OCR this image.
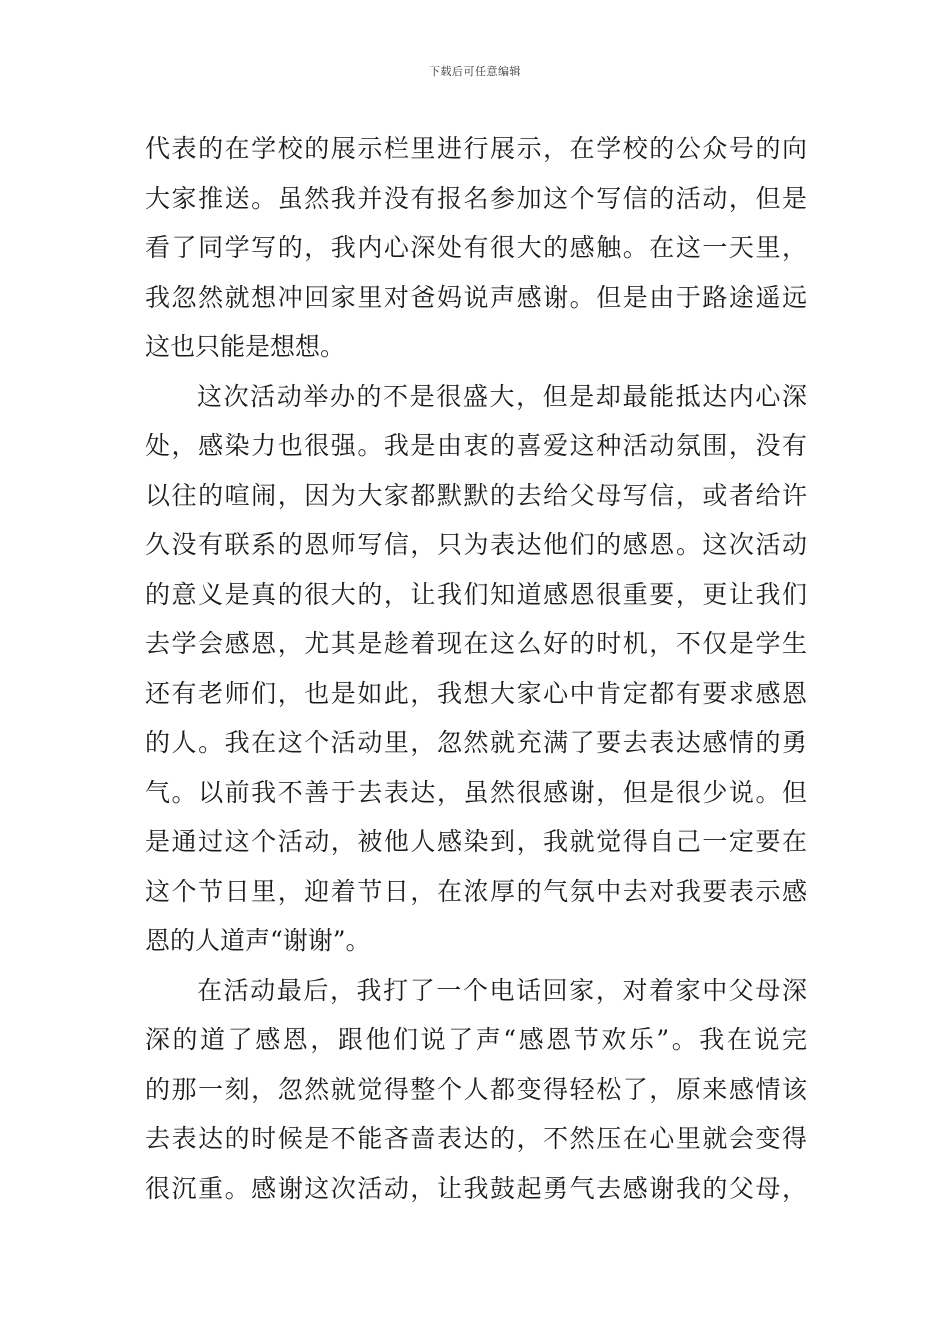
下载后可任意编辑
代表的在学校的展示栏里进行展示，在学校的公众号的向
大家推送。虽然我并没有报名参加这个写信的活动，但是
看了同学写的，我内心深处有很大的感触。在这一天里，
我忽然就想冲回家里对爸妈说声感谢。但是由于路途遥远
这也只能是想想。
这次活动举办的不是很盛大，但是却最能抵达内心深
处，感染力也很强。我是由衷的喜爱这种活动氛围，没有
以往的喧闹，因为大家都默默的去给父母写信，或者给许
久没有联系的恩师写信，只为表达他们的感恩。这次活动
的意义是真的很大的，让我们知道感恩很重要，更让我们
去学会感恩，尤其是趁着现在这么好的时机，不仅是学生
还有老师们，也是如此，我想大家心中肯定都有要求感恩
的人。我在这个活动里，忽然就充满了要去表达感情的勇
气。以前我不善于去表达，虽然很感谢，但是很少说。但
是通过这个活动，被他人感染到，我就觉得自己一定要在
这个节日里，迎着节日，在浓厚的气氛中去对我要表示感
恩的人道声“谢谢”。
在活动最后，我打了一个电话回家，对着家中父母深
深的道了感恩，跟他们说了声“感恩节欢乐”。我在说完
的那一刻，忽然就觉得整个人都变得轻松了，原来感情该
去表达的时候是不能吝啬表达的，不然压在心里就会变得
很沉重。感谢这次活动，让我鼓起勇气去感谢我的父母，
